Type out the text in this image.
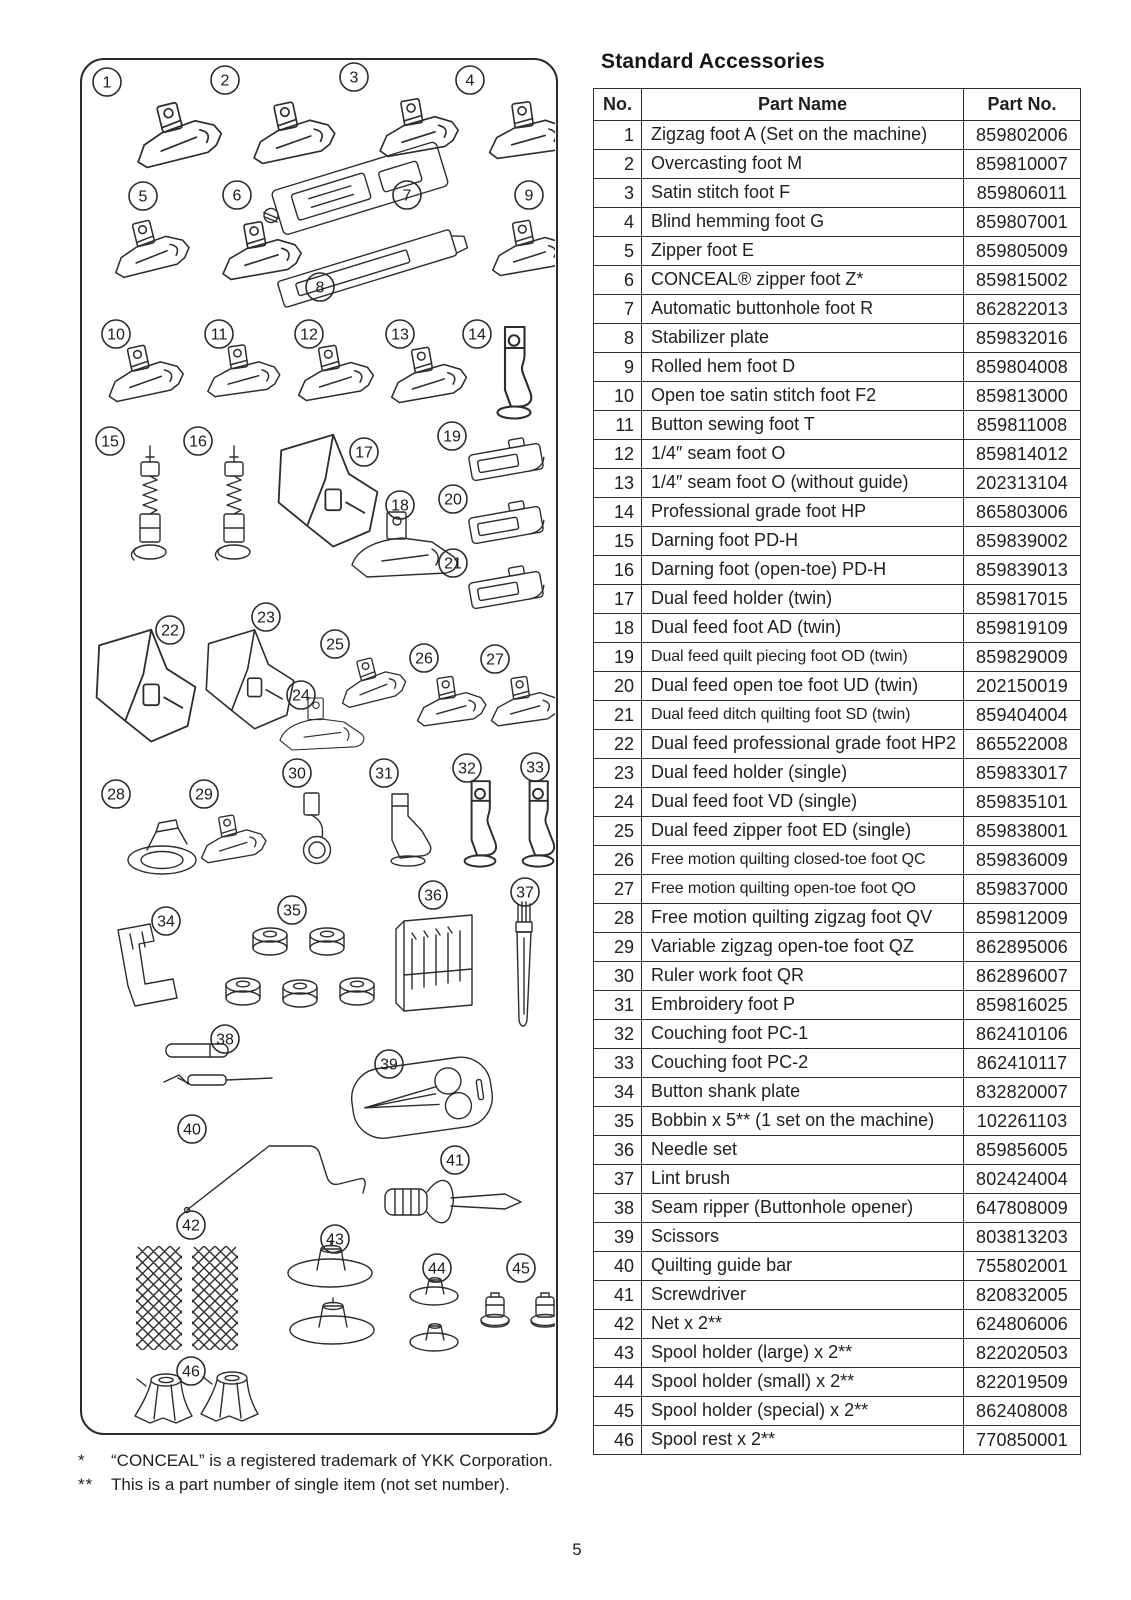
1	2	3	4
5	6	7
8
9
10	11	12	13	14
15	16
17
18
19
20
21
22
23
24
25
26	27
28	29
30	31	32	33
34
35
36	37
38
39
40
41
42
43
44	45
46
Standard Accessories
No.	Part Name	Part No.
1	Zigzag foot A (Set on the machine)	859802006
2	Overcasting foot M	859810007
3	Satin stitch foot F	859806011
4	Blind hemming foot G	859807001
5	Zipper foot E	859805009
6	CONCEAL® zipper foot Z*	859815002
7	Automatic buttonhole foot R	862822013
8	Stabilizer plate	859832016
9	Rolled hem foot D	859804008
10	Open toe satin stitch foot F2	859813000
11	Button sewing foot T	859811008
12	1/4″ seam foot O	859814012
13	1/4″ seam foot O (without guide)	202313104
14	Professional grade foot HP	865803006
15	Darning foot PD-H	859839002
16	Darning foot (open-toe) PD-H	859839013
17	Dual feed holder (twin)	859817015
18	Dual feed foot AD (twin)	859819109
19	Dual feed quilt piecing foot OD (twin)	859829009
20	Dual feed open toe foot UD (twin)	202150019
21	Dual feed ditch quilting foot SD (twin)	859404004
22	Dual feed professional grade foot HP2	865522008
23	Dual feed holder (single)	859833017
24	Dual feed foot VD (single)	859835101
25	Dual feed zipper foot ED (single)	859838001
26	Free motion quilting closed-toe foot QC	859836009
27	Free motion quilting open-toe foot QO	859837000
28	Free motion quilting zigzag foot QV	859812009
29	Variable zigzag open-toe foot QZ	862895006
30	Ruler work foot QR	862896007
31	Embroidery foot P	859816025
32	Couching foot PC-1	862410106
33	Couching foot PC-2	862410117
34	Button shank plate	832820007
35	Bobbin x 5** (1 set on the machine)	102261103
36	Needle set	859856005
37	Lint brush	802424004
38	Seam ripper (Buttonhole opener)	647808009
39	Scissors	803813203
40	Quilting guide bar	755802001
41	Screwdriver	820832005
42	Net x 2**	624806006
43	Spool holder (large) x 2**	822020503
44	Spool holder (small) x 2**	822019509
45	Spool holder (special) x 2**	862408008
46	Spool rest x 2**	770850001
*	“CONCEAL” is a registered trademark of YKK Corporation.
**	This is a part number of single item (not set number).
5
